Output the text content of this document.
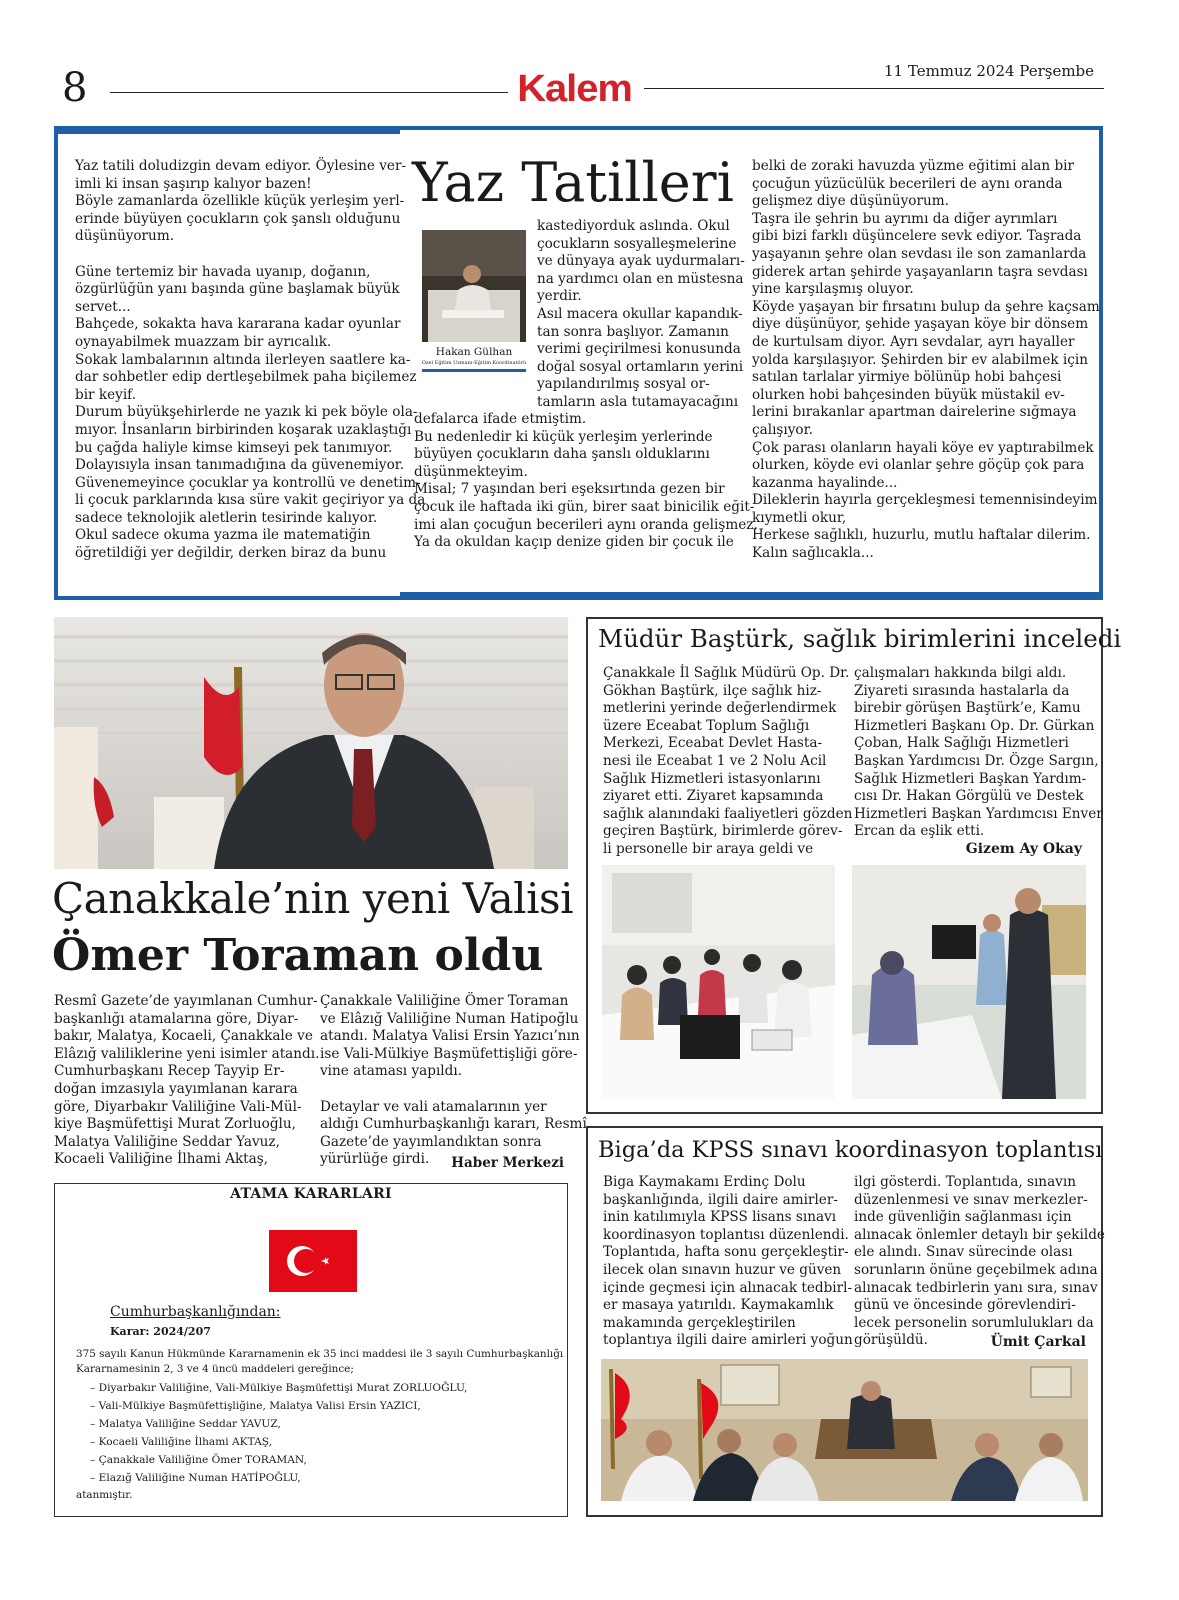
8	Kalem	11 Temmuz 2024 Perşembe
Yaz tatili doludizgin devam ediyor. Öylesine ver-
imli ki insan şaşırıp kalıyor bazen!
Böyle zamanlarda özellikle küçük yerleşim yerl-
erinde büyüyen çocukların çok şanslı olduğunu
düşünüyorum.
Güne tertemiz bir havada uyanıp, doğanın,
özgürlüğün yanı başında güne başlamak büyük
servet...
Bahçede, sokakta hava kararana kadar oyunlar
oynayabilmek muazzam bir ayrıcalık.
Sokak lambalarının altında ilerleyen saatlere ka-
dar sohbetler edip dertleşebilmek paha biçilemez
bir keyif.
Durum büyükşehirlerde ne yazık ki pek böyle ola-
mıyor. İnsanların birbirinden koşarak uzaklaştığı
bu çağda haliyle kimse kimseyi pek tanımıyor.
Dolayısıyla insan tanımadığına da güvenemiyor.
Güvenemeyince çocuklar ya kontrollü ve denetim-
li çocuk parklarında kısa süre vakit geçiriyor ya da
sadece teknolojik aletlerin tesirinde kalıyor.
Okul sadece okuma yazma ile matematiğin
öğretildiği yer değildir, derken biraz da bunu
Yaz Tatilleri
Hakan Gülhan
Özel Eğitim Uzmanı-Eğitim Koordinatörü
kastediyorduk aslında. Okul
çocukların sosyalleşmelerine
ve dünyaya ayak uydurmaları-
na yardımcı olan en müstesna
yerdir.
Asıl macera okullar kapandık-
tan sonra başlıyor. Zamanın
verimi geçirilmesi konusunda
doğal sosyal ortamların yerini
yapılandırılmış sosyal or-
tamların asla tutamayacağını
defalarca ifade etmiştim.
Bu nedenledir ki küçük yerleşim yerlerinde
büyüyen çocukların daha şanslı olduklarını
düşünmekteyim.
Misal; 7 yaşından beri eşeksırtında gezen bir
çocuk ile haftada iki gün, birer saat binicilik eğit-
imi alan çocuğun becerileri aynı oranda gelişmez.
Ya da okuldan kaçıp denize giden bir çocuk ile
belki de zoraki havuzda yüzme eğitimi alan bir
çocuğun yüzücülük becerileri de aynı oranda
gelişmez diye düşünüyorum.
Taşra ile şehrin bu ayrımı da diğer ayrımları
gibi bizi farklı düşüncelere sevk ediyor. Taşrada
yaşayanın şehre olan sevdası ile son zamanlarda
giderek artan şehirde yaşayanların taşra sevdası
yine karşılaşmış oluyor.
Köyde yaşayan bir fırsatını bulup da şehre kaçsam
diye düşünüyor, şehide yaşayan köye bir dönsem
de kurtulsam diyor. Ayrı sevdalar, ayrı hayaller
yolda karşılaşıyor. Şehirden bir ev alabilmek için
satılan tarlalar yirmiye bölünüp hobi bahçesi
olurken hobi bahçesinden büyük müstakil ev-
lerini bırakanlar apartman dairelerine sığmaya
çalışıyor.
Çok parası olanların hayali köye ev yaptırabilmek
olurken, köyde evi olanlar şehre göçüp çok para
kazanma hayalinde...
Dileklerin hayırla gerçekleşmesi temennisindeyim
kıymetli okur,
Herkese sağlıklı, huzurlu, mutlu haftalar dilerim.
Kalın sağlıcakla...
Çanakkale’nin yeni Valisi
Ömer Toraman oldu
Resmî Gazete’de yayımlanan Cumhur-
başkanlığı atamalarına göre, Diyar-
bakır, Malatya, Kocaeli, Çanakkale ve
Elâzığ valiliklerine yeni isimler atandı.
Cumhurbaşkanı Recep Tayyip Er-
doğan imzasıyla yayımlanan karara
göre, Diyarbakır Valiliğine Vali-Mül-
kiye Başmüfettişi Murat Zorluoğlu,
Malatya Valiliğine Seddar Yavuz,
Kocaeli Valiliğine İlhami Aktaş,
Çanakkale Valiliğine Ömer Toraman
ve Elâzığ Valiliğine Numan Hatipoğlu
atandı. Malatya Valisi Ersin Yazıcı’nın
ise Vali-Mülkiye Başmüfettişliği göre-
vine ataması yapıldı.
Detaylar ve vali atamalarının yer
aldığı Cumhurbaşkanlığı kararı, Resmî
Gazete’de yayımlandıktan sonra
yürürlüğe girdi.	Haber Merkezi
ATAMA KARARLARI
Cumhurbaşkanlığından:
Karar: 2024/207
375 sayılı Kanun Hükmünde Kararnamenin ek 35 inci maddesi ile 3 sayılı Cumhurbaşkanlığı
Kararnamesinin 2, 3 ve 4 üncü maddeleri gereğince;
– Diyarbakır Valiliğine, Vali-Mülkiye Başmüfettişi Murat ZORLUOĞLU,
– Vali-Mülkiye Başmüfettişliğine, Malatya Valisi Ersin YAZICI,
– Malatya Valiliğine Seddar YAVUZ,
– Kocaeli Valiliğine İlhami AKTAŞ,
– Çanakkale Valiliğine Ömer TORAMAN,
– Elazığ Valiliğine Numan HATİPOĞLU,
atanmıştır.
Müdür Baştürk, sağlık birimlerini inceledi
Çanakkale İl Sağlık Müdürü Op. Dr.
Gökhan Baştürk, ilçe sağlık hiz-
metlerini yerinde değerlendirmek
üzere Eceabat Toplum Sağlığı
Merkezi, Eceabat Devlet Hasta-
nesi ile Eceabat 1 ve 2 Nolu Acil
Sağlık Hizmetleri istasyonlarını
ziyaret etti. Ziyaret kapsamında
sağlık alanındaki faaliyetleri gözden
geçiren Baştürk, birimlerde görev-
li personelle bir araya geldi ve
çalışmaları hakkında bilgi aldı.
Ziyareti sırasında hastalarla da
birebir görüşen Baştürk’e, Kamu
Hizmetleri Başkanı Op. Dr. Gürkan
Çoban, Halk Sağlığı Hizmetleri
Başkan Yardımcısı Dr. Özge Sargın,
Sağlık Hizmetleri Başkan Yardım-
cısı Dr. Hakan Görgülü ve Destek
Hizmetleri Başkan Yardımcısı Enver
Ercan da eşlik etti.
Gizem Ay Okay
Biga’da KPSS sınavı koordinasyon toplantısı
Biga Kaymakamı Erdinç Dolu
başkanlığında, ilgili daire amirler-
inin katılımıyla KPSS lisans sınavı
koordinasyon toplantısı düzenlendi.
Toplantıda, hafta sonu gerçekleştir-
ilecek olan sınavın huzur ve güven
içinde geçmesi için alınacak tedbirl-
er masaya yatırıldı. Kaymakamlık
makamında gerçekleştirilen
toplantıya ilgili daire amirleri yoğun
ilgi gösterdi. Toplantıda, sınavın
düzenlenmesi ve sınav merkezler-
inde güvenliğin sağlanması için
alınacak önlemler detaylı bir şekilde
ele alındı. Sınav sürecinde olası
sorunların önüne geçebilmek adına
alınacak tedbirlerin yanı sıra, sınav
günü ve öncesinde görevlendiri-
lecek personelin sorumlulukları da
görüşüldü.	Ümit Çarkal
